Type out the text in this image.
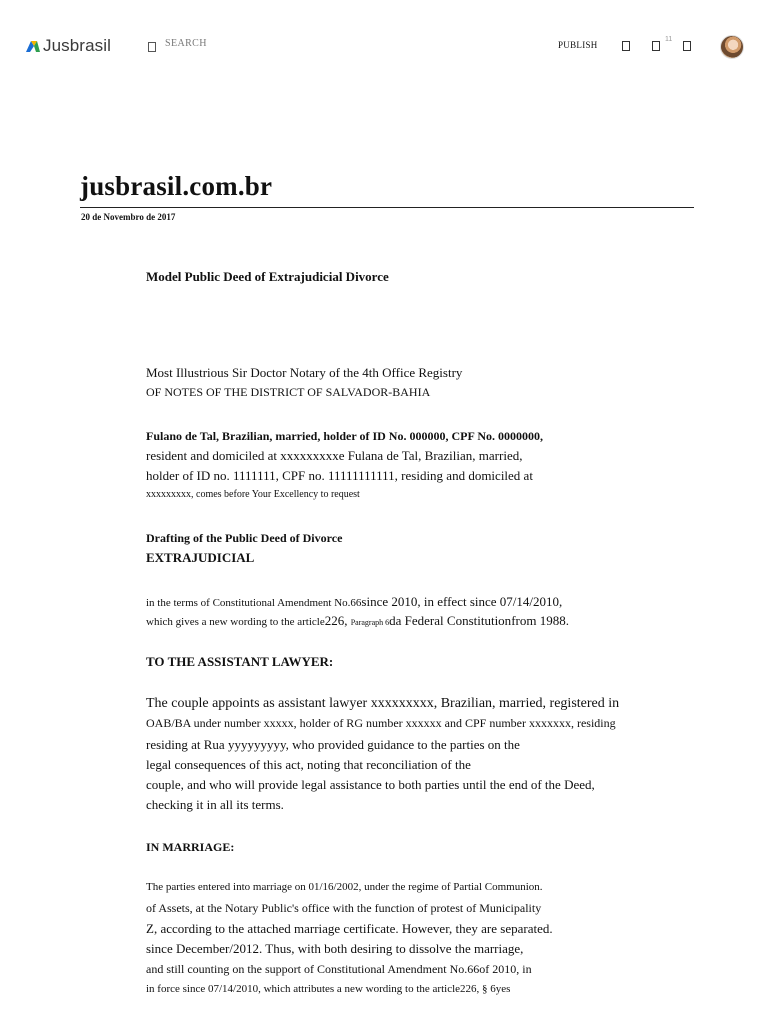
Jusbrasil	SEARCH	PUBLISH
11
jusbrasil.com.br
20 de Novembro de 2017
Model Public Deed of Extrajudicial Divorce
Most Illustrious Sir Doctor Notary of the 4th Office Registry
OF NOTES OF THE DISTRICT OF SALVADOR-BAHIA
Fulano de Tal, Brazilian, married, holder of ID No. 000000, CPF No. 0000000,
resident and domiciled at xxxxxxxxxe Fulana de Tal, Brazilian, married,
holder of ID no. 1111111, CPF no. 11111111111, residing and domiciled at
xxxxxxxxx, comes before Your Excellency to request
Drafting of the Public Deed of Divorce
EXTRAJUDICIAL
in the terms of Constitutional Amendment No.66since 2010, in effect since 07/14/2010,
which gives a new wording to the article226, Paragraph 6da Federal Constitutionfrom 1988.
TO THE ASSISTANT LAWYER:
The couple appoints as assistant lawyer xxxxxxxxx, Brazilian, married, registered in
OAB/BA under number xxxxx, holder of RG number xxxxxx and CPF number xxxxxxx, residing
residing at Rua yyyyyyyyy, who provided guidance to the parties on the
legal consequences of this act, noting that reconciliation of the
couple, and who will provide legal assistance to both parties until the end of the Deed,
checking it in all its terms.
IN MARRIAGE:
The parties entered into marriage on 01/16/2002, under the regime of Partial Communion.
of Assets, at the Notary Public's office with the function of protest of Municipality
Z, according to the attached marriage certificate. However, they are separated.
since December/2012. Thus, with both desiring to dissolve the marriage,
and still counting on the support of Constitutional Amendment No.66of 2010, in
in force since 07/14/2010, which attributes a new wording to the article226, § 6yes
